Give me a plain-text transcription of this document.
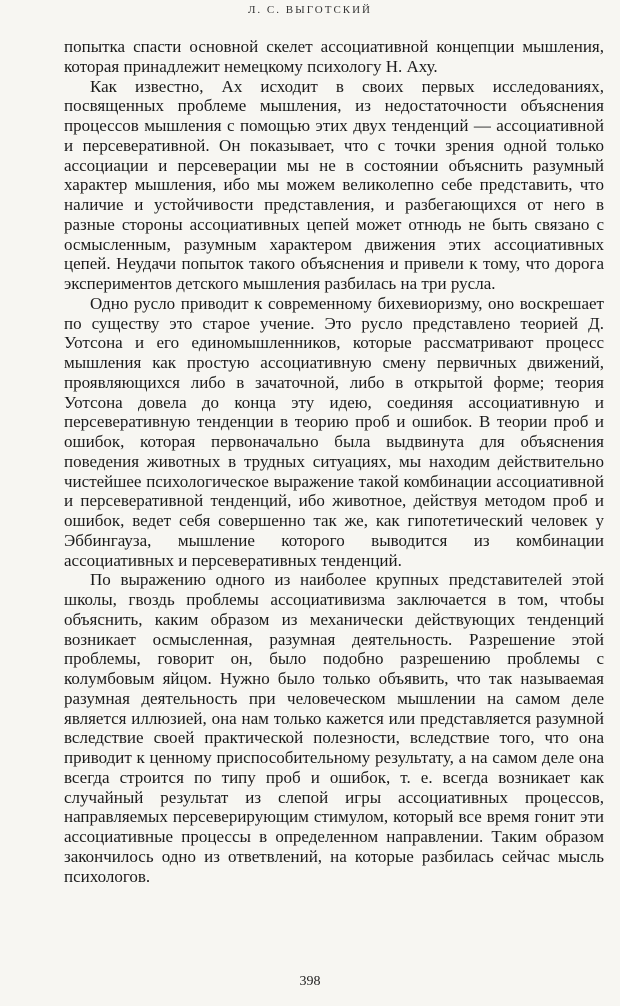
Л. С. ВЫГОТСКИЙ

попытка спасти основной скелет ассоциативной концепции мышления, которая принадлежит немецкому психологу Н. Аху.

Как известно, Ах исходит в своих первых исследованиях, посвященных проблеме мышления, из недостаточности объяснения процессов мышления с помощью этих двух тенденций — ассоциативной и персеверативной. Он показывает, что с точки зрения одной только ассоциации и персеверации мы не в состоянии объяснить разумный характер мышления, ибо мы можем великолепно себе представить, что наличие и устойчивости представления, и разбегающихся от него в разные стороны ассоциативных цепей может отнюдь не быть связано с осмысленным, разумным характером движения этих ассоциативных цепей. Неудачи попыток такого объяснения и привели к тому, что дорога экспериментов детского мышления разбилась на три русла.

Одно русло приводит к современному бихевиоризму, оно воскрешает по существу это старое учение. Это русло представлено теорией Д. Уотсона и его единомышленников, которые рассматривают процесс мышления как простую ассоциативную смену первичных движений, проявляющихся либо в зачаточной, либо в открытой форме; теория Уотсона довела до конца эту идею, соединяя ассоциативную и персеверативную тенденции в теорию проб и ошибок. В теории проб и ошибок, которая первоначально была выдвинута для объяснения поведения животных в трудных ситуациях, мы находим действительно чистейшее психологическое выражение такой комбинации ассоциативной и персеверативной тенденций, ибо животное, действуя методом проб и ошибок, ведет себя совершенно так же, как гипотетический человек у Эббингауза, мышление которого выводится из комбинации ассоциативных и персеверативных тенденций.

По выражению одного из наиболее крупных представителей этой школы, гвоздь проблемы ассоциативизма заключается в том, чтобы объяснить, каким образом из механически действующих тенденций возникает осмысленная, разумная деятельность. Разрешение этой проблемы, говорит он, было подобно разрешению проблемы с колумбовым яйцом. Нужно было только объявить, что так называемая разумная деятельность при человеческом мышлении на самом деле является иллюзией, она нам только кажется или представляется разумной вследствие своей практической полезности, вследствие того, что она приводит к ценному приспособительному результату, а на самом деле она всегда строится по типу проб и ошибок, т. е. всегда возникает как случайный результат из слепой игры ассоциативных процессов, направляемых персеверирующим стимулом, который все время гонит эти ассоциативные процессы в определенном направлении. Таким образом закончилось одно из ответвлений, на которые разбилась сейчас мысль психологов.

398
